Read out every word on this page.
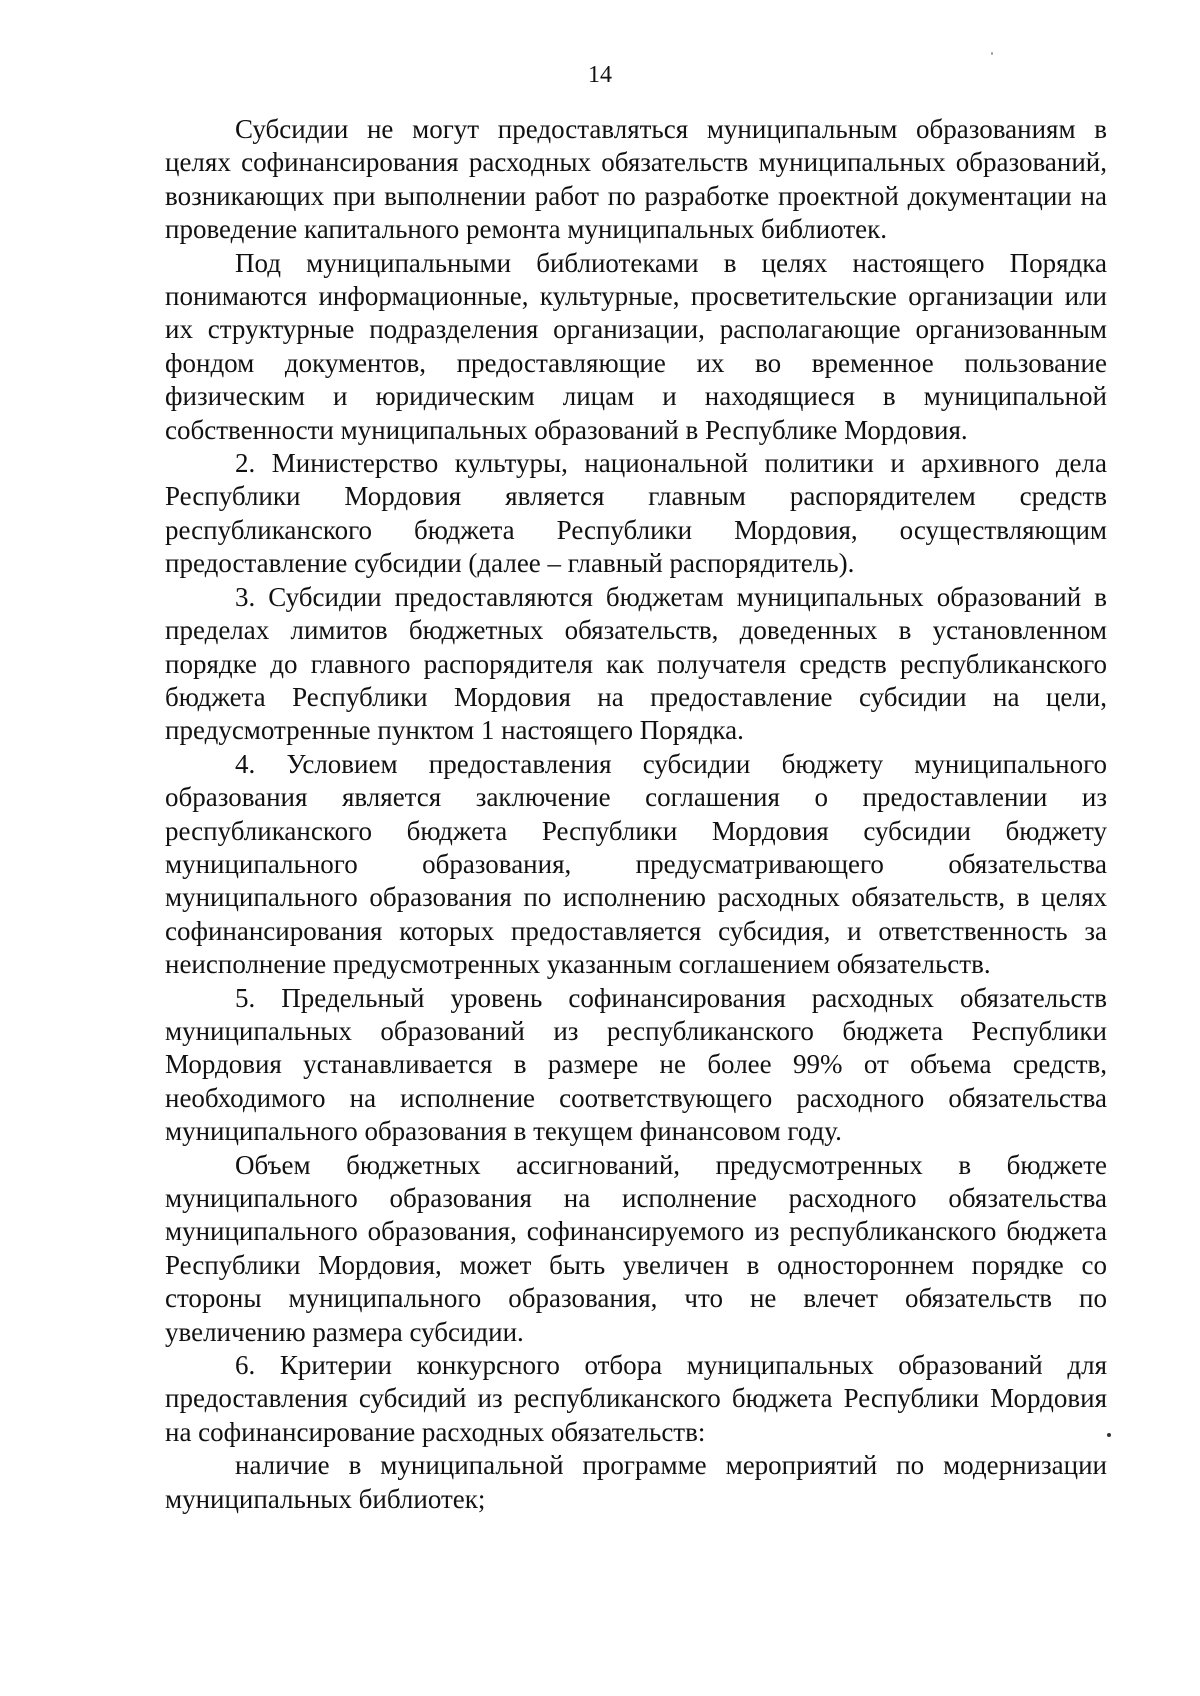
14

Субсидии не могут предоставляться муниципальным образованиям в целях софинансирования расходных обязательств муниципальных образований, возникающих при выполнении работ по разработке проектной документации на проведение капитального ремонта муниципальных библиотек.

Под муниципальными библиотеками в целях настоящего Порядка понимаются информационные, культурные, просветительские организации или их структурные подразделения организации, располагающие организованным фондом документов, предоставляющие их во временное пользование физическим и юридическим лицам и находящиеся в муниципальной собственности муниципальных образований в Республике Мордовия.

2. Министерство культуры, национальной политики и архивного дела Республики Мордовия является главным распорядителем средств республиканского бюджета Республики Мордовия, осуществляющим предоставление субсидии (далее – главный распорядитель).

3. Субсидии предоставляются бюджетам муниципальных образований в пределах лимитов бюджетных обязательств, доведенных в установленном порядке до главного распорядителя как получателя средств республиканского бюджета Республики Мордовия на предоставление субсидии на цели, предусмотренные пунктом 1 настоящего Порядка.

4. Условием предоставления субсидии бюджету муниципального образования является заключение соглашения о предоставлении из республиканского бюджета Республики Мордовия субсидии бюджету муниципального образования, предусматривающего обязательства муниципального образования по исполнению расходных обязательств, в целях софинансирования которых предоставляется субсидия, и ответственность за неисполнение предусмотренных указанным соглашением обязательств.

5. Предельный уровень софинансирования расходных обязательств муниципальных образований из республиканского бюджета Республики Мордовия устанавливается в размере не более 99% от объема средств, необходимого на исполнение соответствующего расходного обязательства муниципального образования в текущем финансовом году.

Объем бюджетных ассигнований, предусмотренных в бюджете муниципального образования на исполнение расходного обязательства муниципального образования, софинансируемого из республиканского бюджета Республики Мордовия, может быть увеличен в одностороннем порядке со стороны муниципального образования, что не влечет обязательств по увеличению размера субсидии.

6. Критерии конкурсного отбора муниципальных образований для предоставления субсидий из республиканского бюджета Республики Мордовия на софинансирование расходных обязательств:

наличие в муниципальной программе мероприятий по модернизации муниципальных библиотек;
